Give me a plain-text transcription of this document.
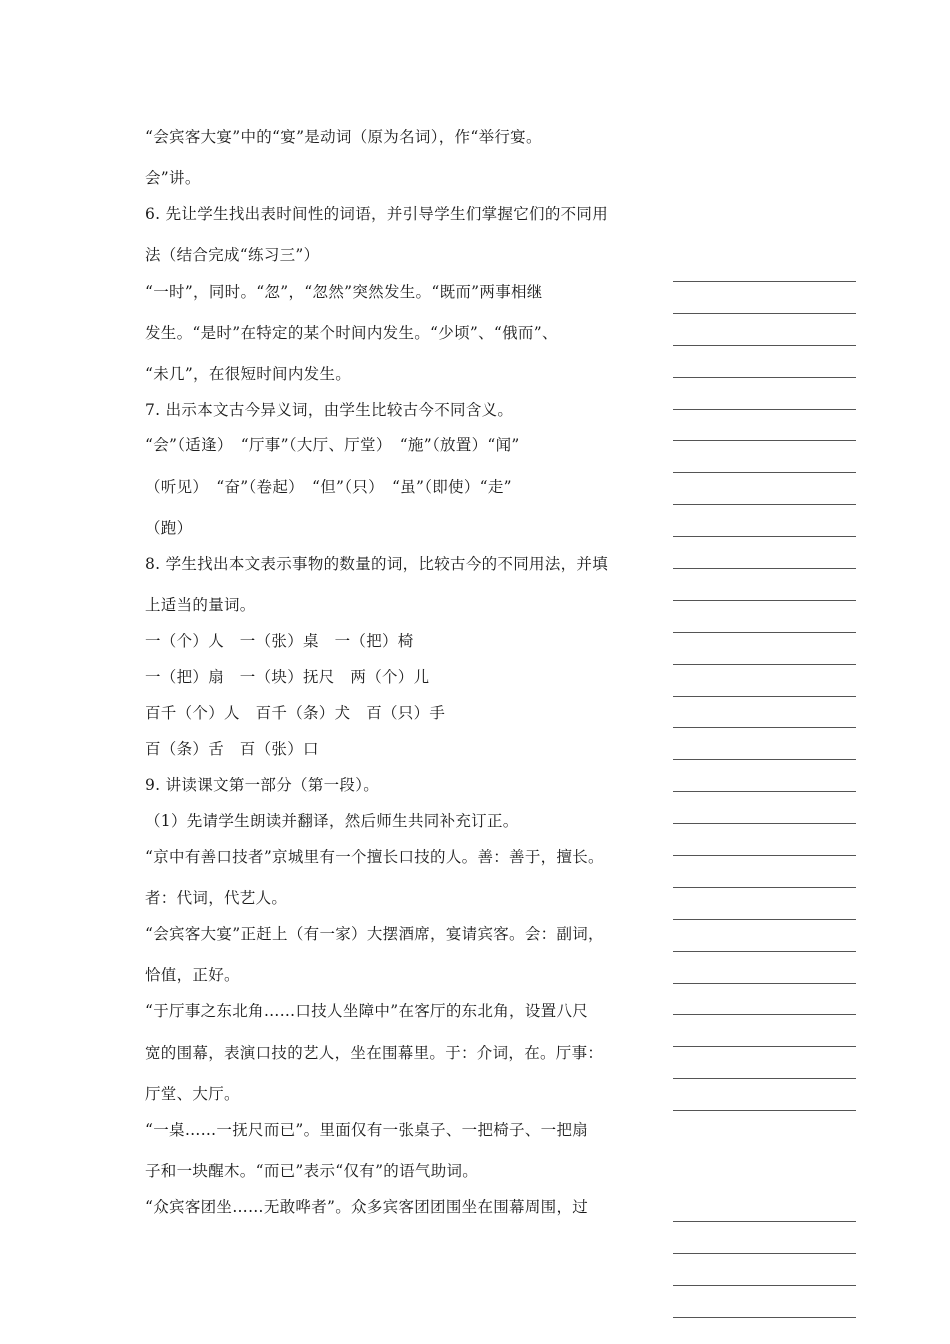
“会宾客大宴”中的“宴”是动词（原为名词），作“举行宴。
会”讲。
6. 先让学生找出表时间性的词语，并引导学生们掌握它们的不同用
法（结合完成“练习三”）
“一时”，同时。“忽”，“忽然”突然发生。“既而”两事相继
发生。“是时”在特定的某个时间内发生。“少顷”、“俄而”、
“未几”，在很短时间内发生。
7. 出示本文古今异义词，由学生比较古今不同含义。
“会”（适逢）　“厅事”（大厅、厅堂）　“施”（放置）“闻”
（听见）　“奋”（卷起）　“但”（只）　“虽”（即使）“走”
（跑）
8. 学生找出本文表示事物的数量的词，比较古今的不同用法，并填
上适当的量词。
一（个）人　一（张）桌　一（把）椅
一（把）扇　一（块）抚尺　两（个）儿
百千（个）人　百千（条）犬　百（只）手
百（条）舌　百（张）口
9. 讲读课文第一部分（第一段）。
（1）先请学生朗读并翻译，然后师生共同补充订正。
“京中有善口技者”京城里有一个擅长口技的人。善：善于，擅长。
者：代词，代艺人。
“会宾客大宴”正赶上（有一家）大摆酒席，宴请宾客。会：副词，
恰值，正好。
“于厅事之东北角……口技人坐障中”在客厅的东北角，设置八尺
宽的围幕，表演口技的艺人，坐在围幕里。于：介词，在。厅事：
厅堂、大厅。
“一桌……一抚尺而已”。里面仅有一张桌子、一把椅子、一把扇
子和一块醒木。“而已”表示“仅有”的语气助词。
“众宾客团坐……无敢哗者”。众多宾客团团围坐在围幕周围，过
